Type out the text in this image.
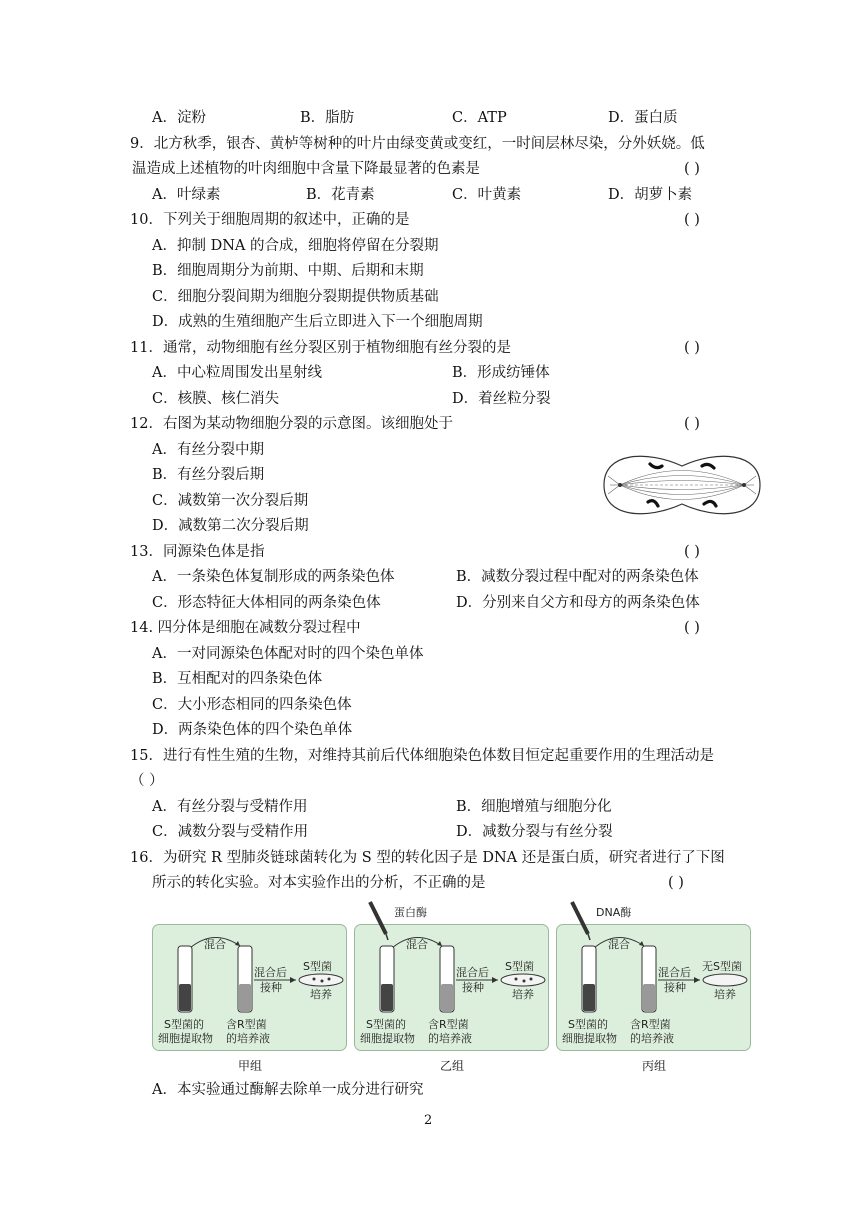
A．淀粉	B．脂肪	C．ATP	D．蛋白质
9．北方秋季，银杏、黄栌等树种的叶片由绿变黄或变红，一时间层林尽染，分外妖娆。低
温造成上述植物的叶肉细胞中含量下降最显著的色素是	( )
A．叶绿素	B．花青素	C．叶黄素	D．胡萝卜素
10．下列关于细胞周期的叙述中，正确的是	( )
A．抑制 DNA 的合成，细胞将停留在分裂期
B．细胞周期分为前期、中期、后期和末期
C．细胞分裂间期为细胞分裂期提供物质基础
D．成熟的生殖细胞产生后立即进入下一个细胞周期
11．通常，动物细胞有丝分裂区别于植物细胞有丝分裂的是	( )
A．中心粒周围发出星射线	B．形成纺锤体
C．核膜、核仁消失	D．着丝粒分裂
12．右图为某动物细胞分裂的示意图。该细胞处于	( )
A．有丝分裂中期
B．有丝分裂后期
C．减数第一次分裂后期
D．减数第二次分裂后期
13．同源染色体是指	( )
A．一条染色体复制形成的两条染色体	B．减数分裂过程中配对的两条染色体
C．形态特征大体相同的两条染色体	D．分别来自父方和母方的两条染色体
14. 四分体是细胞在减数分裂过程中	( )
A．一对同源染色体配对时的四个染色单体
B．互相配对的四条染色体
C．大小形态相同的四条染色体
D．两条染色体的四个染色单体
15．进行有性生殖的生物，对维持其前后代体细胞染色体数目恒定起重要作用的生理活动是
（ ）
A．有丝分裂与受精作用	B．细胞增殖与细胞分化
C．减数分裂与受精作用	D．减数分裂与有丝分裂
16．为研究 R 型肺炎链球菌转化为 S 型的转化因子是 DNA 还是蛋白质，研究者进行了下图
所示的转化实验。对本实验作出的分析，不正确的是	( )
混合
混合后
接种
S型菌
培养
S型菌的
细胞提取物
含R型菌
的培养液
蛋白酶
混合
混合后
接种
S型菌
培养
S型菌的
细胞提取物
含R型菌
的培养液
DNA酶
混合
混合后
接种
无S型菌
培养
S型菌的
细胞提取物
含R型菌
的培养液
甲组	乙组	丙组
A．本实验通过酶解去除单一成分进行研究
2
